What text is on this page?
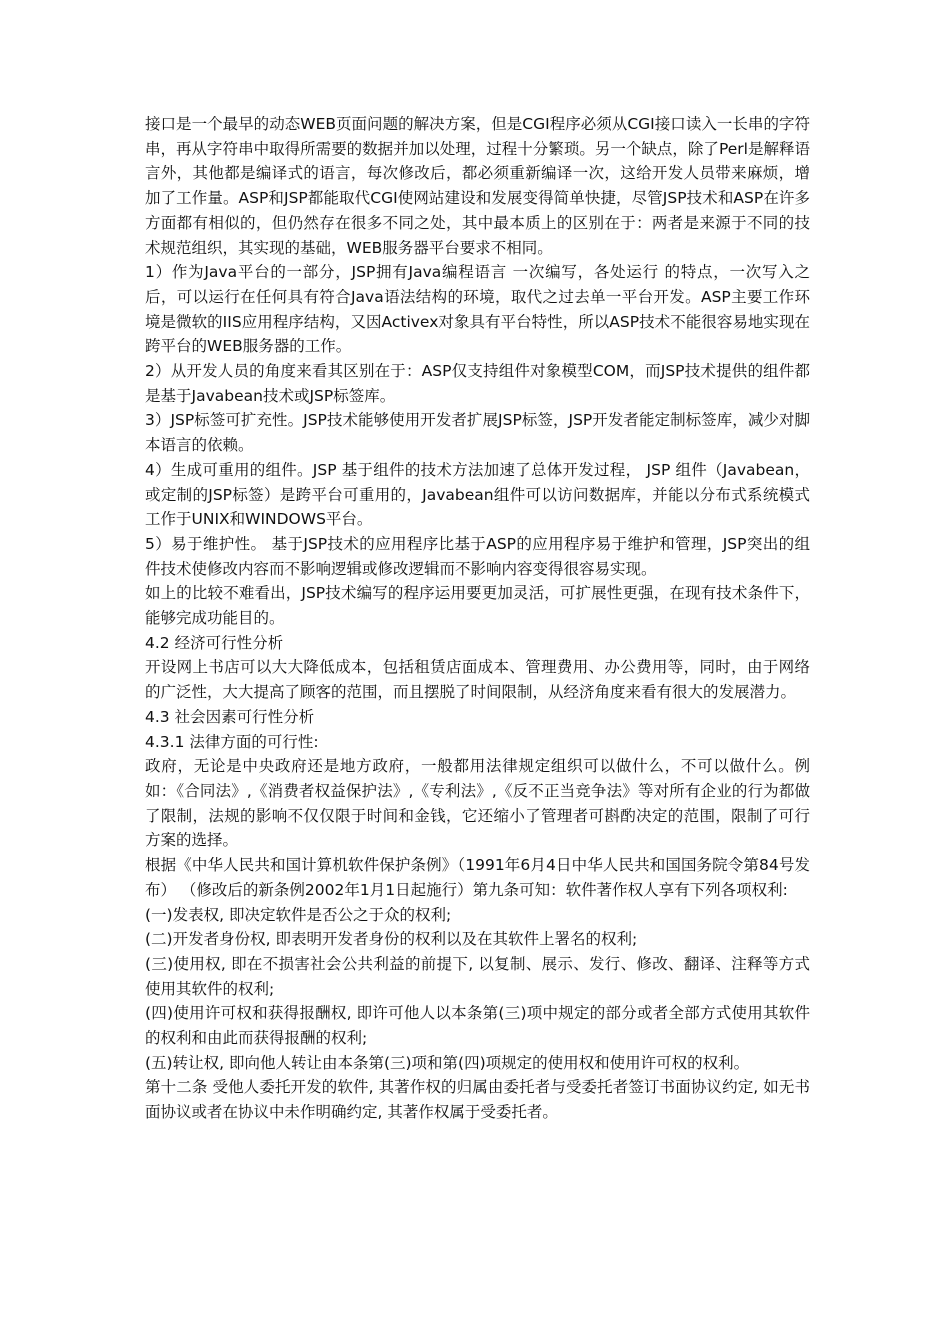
接口是一个最早的动态WEB页面问题的解决方案，但是CGI程序必须从CGI接口读入一长串的字符串，再从字符串中取得所需要的数据并加以处理，过程十分繁琐。另一个缺点，除了Perl是解释语言外，其他都是编译式的语言，每次修改后，都必须重新编译一次，这给开发人员带来麻烦，增加了工作量。ASP和JSP都能取代CGI使网站建设和发展变得简单快捷，尽管JSP技术和ASP在许多方面都有相似的，但仍然存在很多不同之处，其中最本质上的区别在于：两者是来源于不同的技术规范组织，其实现的基础，WEB服务器平台要求不相同。

1）作为Java平台的一部分，JSP拥有Java编程语言 一次编写，各处运行 的特点，一次写入之后，可以运行在任何具有符合Java语法结构的环境，取代之过去单一平台开发。ASP主要工作环境是微软的IIS应用程序结构，又因Activex对象具有平台特性，所以ASP技术不能很容易地实现在跨平台的WEB服务器的工作。

2）从开发人员的角度来看其区别在于：ASP仅支持组件对象模型COM，而JSP技术提供的组件都是基于Javabean技术或JSP标签库。

3）JSP标签可扩充性。JSP技术能够使用开发者扩展JSP标签，JSP开发者能定制标签库，减少对脚本语言的依赖。

4）生成可重用的组件。JSP 基于组件的技术方法加速了总体开发过程， JSP 组件（Javabean，或定制的JSP标签）是跨平台可重用的，Javabean组件可以访问数据库，并能以分布式系统模式工作于UNIX和WINDOWS平台。

5）易于维护性。 基于JSP技术的应用程序比基于ASP的应用程序易于维护和管理，JSP突出的组件技术使修改内容而不影响逻辑或修改逻辑而不影响内容变得很容易实现。

如上的比较不难看出，JSP技术编写的程序运用要更加灵活，可扩展性更强，在现有技术条件下，能够完成功能目的。

4.2 经济可行性分析

开设网上书店可以大大降低成本，包括租赁店面成本、管理费用、办公费用等，同时，由于网络的广泛性，大大提高了顾客的范围，而且摆脱了时间限制，从经济角度来看有很大的发展潜力。

4.3 社会因素可行性分析

4.3.1 法律方面的可行性:

政府，无论是中央政府还是地方政府，一般都用法律规定组织可以做什么，不可以做什么。例如：《合同法》,《消费者权益保护法》,《专利法》,《反不正当竞争法》等对所有企业的行为都做了限制，法规的影响不仅仅限于时间和金钱，它还缩小了管理者可斟酌决定的范围，限制了可行方案的选择。

根据《中华人民共和国计算机软件保护条例》（1991年6月4日中华人民共和国国务院令第84号发布） （修改后的新条例2002年1月1日起施行）第九条可知：软件著作权人享有下列各项权利:

(一)发表权, 即决定软件是否公之于众的权利;

(二)开发者身份权, 即表明开发者身份的权利以及在其软件上署名的权利;

(三)使用权, 即在不损害社会公共利益的前提下, 以复制、展示、发行、修改、翻译、注释等方式使用其软件的权利;

(四)使用许可权和获得报酬权, 即许可他人以本条第(三)项中规定的部分或者全部方式使用其软件的权利和由此而获得报酬的权利;

(五)转让权, 即向他人转让由本条第(三)项和第(四)项规定的使用权和使用许可权的权利。

第十二条 受他人委托开发的软件, 其著作权的归属由委托者与受委托者签订书面协议约定, 如无书面协议或者在协议中未作明确约定, 其著作权属于受委托者。
